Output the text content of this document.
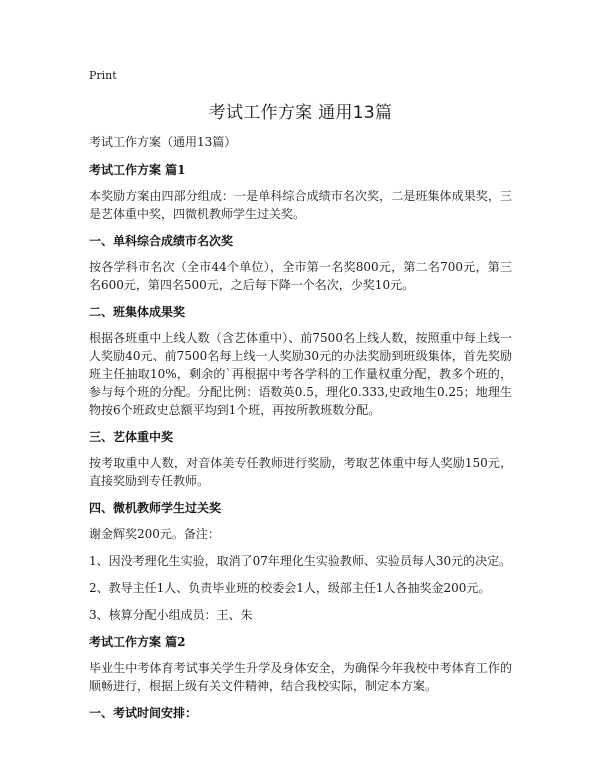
Print
考试工作方案 通用13篇
考试工作方案（通用13篇）
考试工作方案 篇1

本奖励方案由四部分组成：一是单科综合成绩市名次奖，二是班集体成果奖，三是艺体重中奖，四微机教师学生过关奖。

一、单科综合成绩市名次奖

按各学科市名次（全市44个单位），全市第一名奖800元，第二名700元，第三名600元，第四名500元，之后每下降一个名次，少奖10元。

二、班集体成果奖

根据各班重中上线人数（含艺体重中）、前7500名上线人数，按照重中每上线一人奖励40元、前7500名每上线一人奖励30元的办法奖励到班级集体，首先奖励班主任抽取10%，剩余的`再根据中考各学科的工作量权重分配，教多个班的，参与每个班的分配。分配比例：语数英0.5，理化0.333,史政地生0.25；地理生物按6个班政史总额平均到1个班，再按所教班数分配。

三、艺体重中奖

按考取重中人数，对音体美专任教师进行奖励，考取艺体重中每人奖励150元，直接奖励到专任教师。

四、微机教师学生过关奖

谢金辉奖200元。备注：

1、因没考理化生实验，取消了07年理化生实验教师、实验员每人30元的决定。

2、教导主任1人、负责毕业班的校委会1人，级部主任1人各抽奖金200元。

3、核算分配小组成员：王、朱

考试工作方案 篇2

毕业生中考体育考试事关学生升学及身体安全，为确保今年我校中考体育工作的顺畅进行，根据上级有关文件精神，结合我校实际，制定本方案。

一、考试时间安排：
